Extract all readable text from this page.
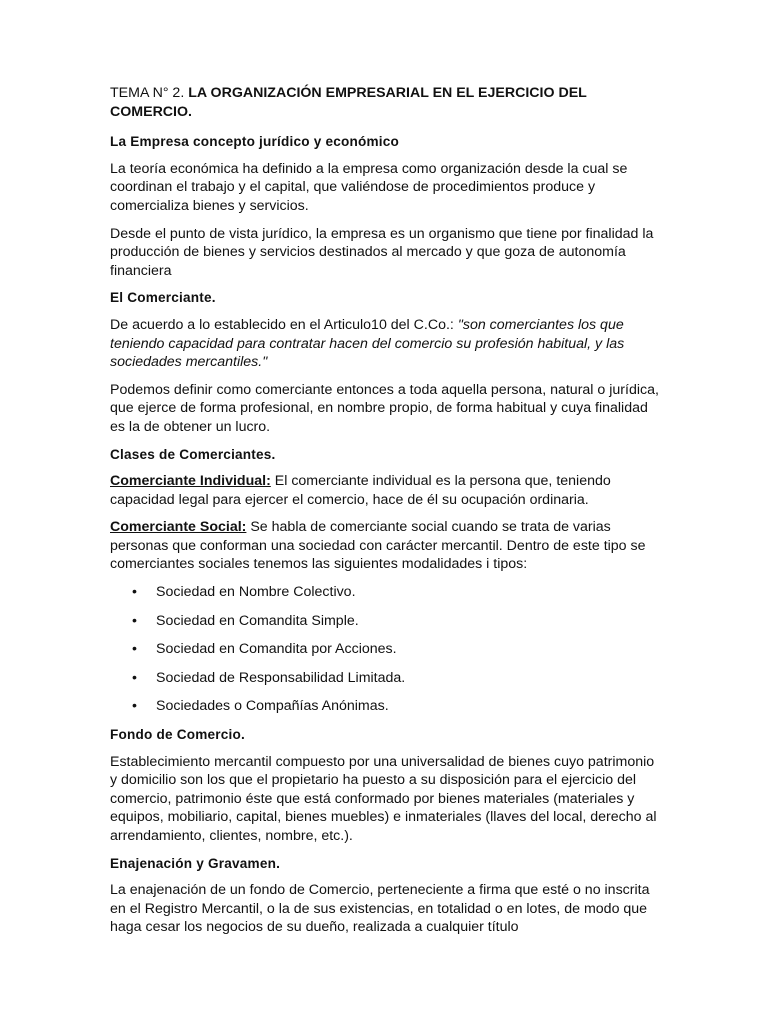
TEMA N° 2. LA ORGANIZACIÓN EMPRESARIAL EN EL EJERCICIO DEL COMERCIO.
La Empresa concepto jurídico y económico

La teoría económica ha definido a la empresa como organización desde la cual se coordinan el trabajo y el capital, que valiéndose de procedimientos produce y comercializa bienes y servicios.

Desde el punto de vista jurídico, la empresa es un organismo que tiene por finalidad la producción de bienes y servicios destinados al mercado y que goza de autonomía financiera

El Comerciante.

De acuerdo a lo establecido en el Articulo10 del C.Co.: "son comerciantes los que teniendo capacidad para contratar hacen del comercio su profesión habitual, y las sociedades mercantiles."

Podemos definir como comerciante entonces a toda aquella persona, natural o jurídica, que ejerce de forma profesional, en nombre propio, de forma habitual y cuya finalidad es la de obtener un lucro.

Clases de Comerciantes.

Comerciante Individual: El comerciante individual es la persona que, teniendo capacidad legal para ejercer el comercio, hace de él su ocupación ordinaria.

Comerciante Social: Se habla de comerciante social cuando se trata de varias personas que conforman una sociedad con carácter mercantil. Dentro de este tipo se comerciantes sociales tenemos las siguientes modalidades i tipos:

• Sociedad en Nombre Colectivo.
• Sociedad en Comandita Simple.
• Sociedad en Comandita por Acciones.
• Sociedad de Responsabilidad Limitada.
• Sociedades o Compañías Anónimas.
Fondo de Comercio.

Establecimiento mercantil compuesto por una universalidad de bienes cuyo patrimonio y domicilio son los que el propietario ha puesto a su disposición para el ejercicio del comercio, patrimonio éste que está conformado por bienes materiales (materiales y equipos, mobiliario, capital, bienes muebles) e inmateriales (llaves del local, derecho al arrendamiento, clientes, nombre, etc.).

Enajenación y Gravamen.

La enajenación de un fondo de Comercio, perteneciente a firma que esté o no inscrita en el Registro Mercantil, o la de sus existencias, en totalidad o en lotes, de modo que haga cesar los negocios de su dueño, realizada a cualquier título
